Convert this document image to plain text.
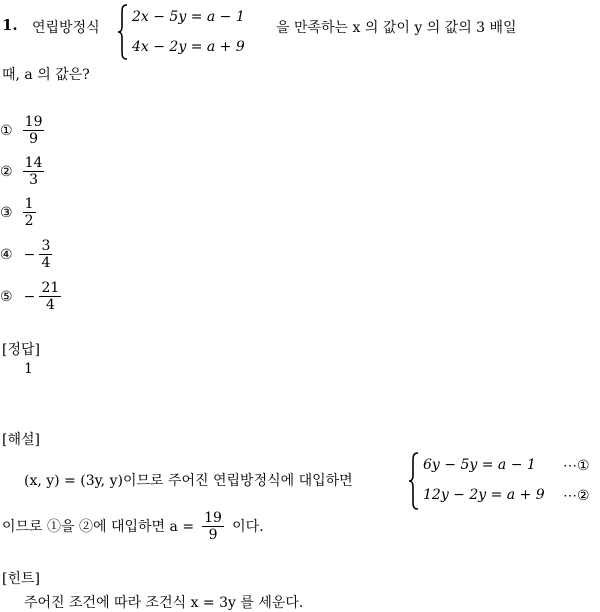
1. 연립방정식
2x − 5y = a − 1
4x − 2y = a + 9
을 만족하는 x 의 값이 y 의 값의 3 배일
때, a 의 값은?
① $\frac{19}{9}$
② $\frac{14}{3}$
③ $\frac{1}{2}$
④ − $\frac{3}{4}$
⑤ − $\frac{21}{4}$
[정답]
1
[해설]
(x, y) = (3y, y)이므로 주어진 연립방정식에 대입하면
6y − 5y = a − 1 ⋯①
12y − 2y = a + 9 ⋯②
이므로 ①을 ②에 대입하면 $a = \frac{19}{9}$ 이다.
[힌트]
주어진 조건에 따라 조건식 x = 3y 를 세운다.
